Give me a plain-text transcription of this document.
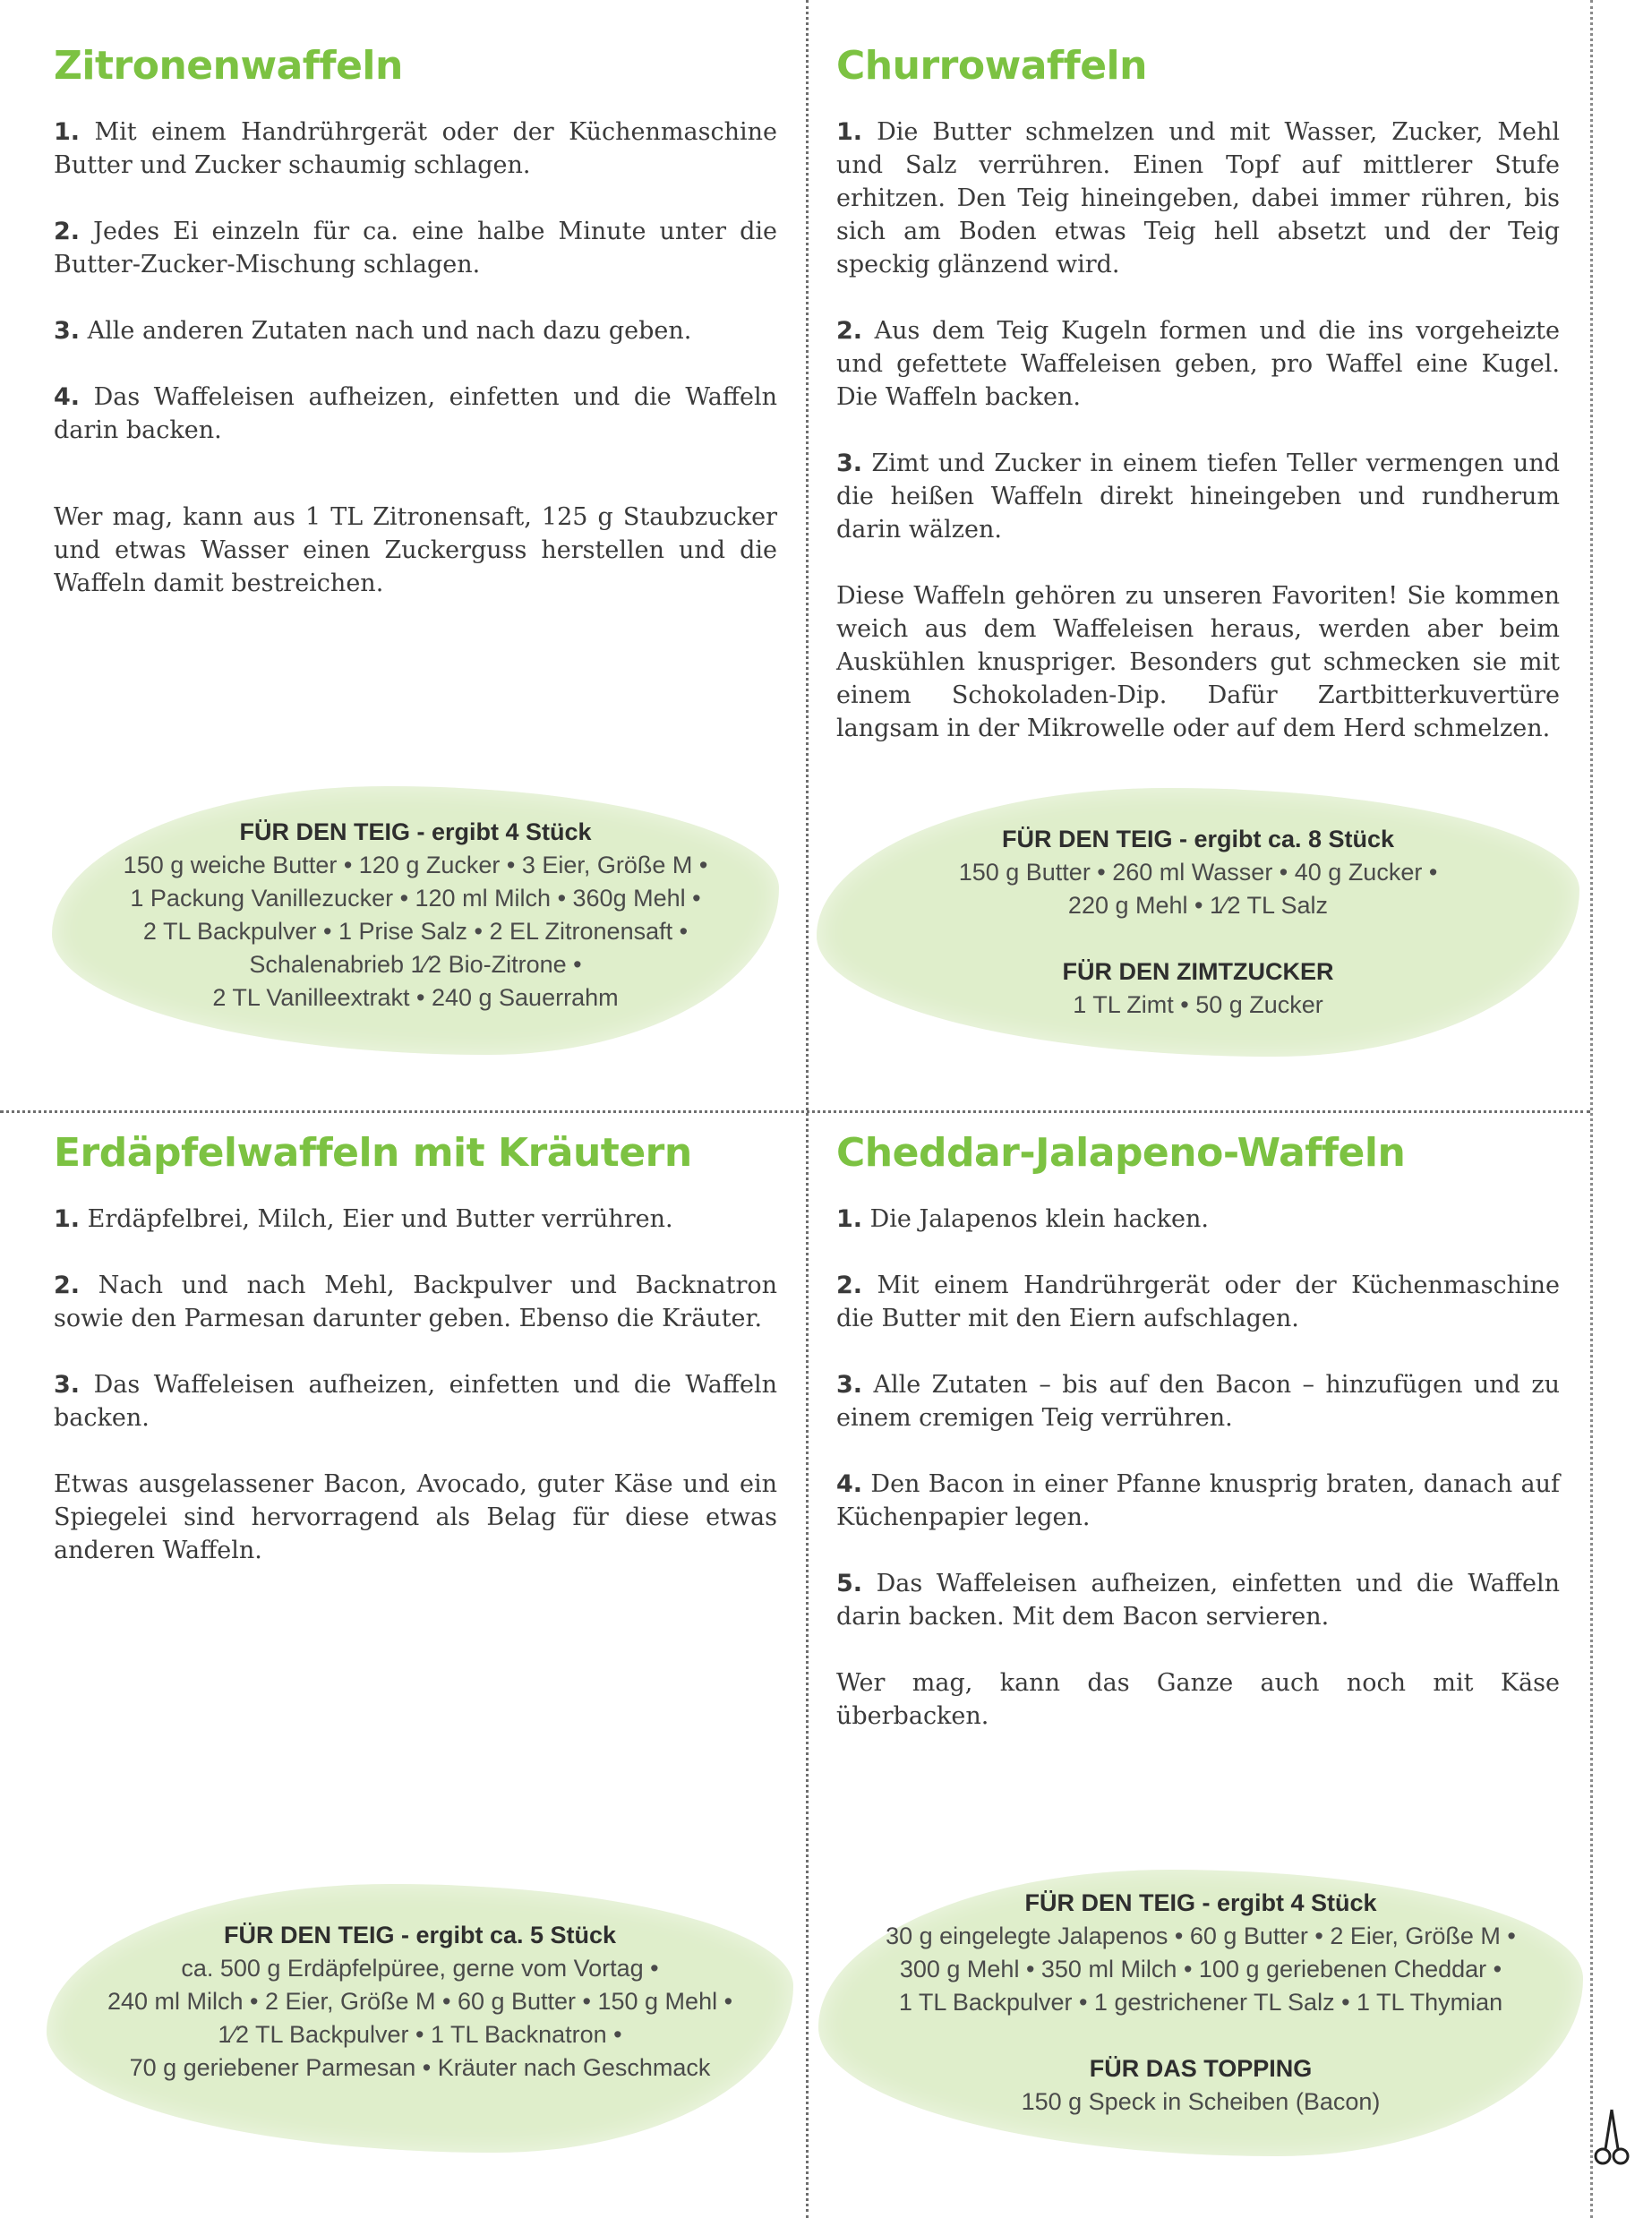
Zitronenwaffeln

1. Mit einem Handrührgerät oder der Küchenmaschine Butter und Zucker schaumig schlagen.

2. Jedes Ei einzeln für ca. eine halbe Minute unter die Butter-Zucker-Mischung schlagen.

3. Alle anderen Zutaten nach und nach dazu geben.

4. Das Waffeleisen aufheizen, einfetten und die Waffeln darin backen.

Wer mag, kann aus 1 TL Zitronensaft, 125 g Staubzucker und etwas Wasser einen Zuckerguss herstellen und die Waffeln damit bestreichen.

FÜR DEN TEIG - ergibt 4 Stück
150 g weiche Butter • 120 g Zucker • 3 Eier, Größe M •
1 Packung Vanillezucker • 120 ml Milch • 360g Mehl •
2 TL Backpulver • 1 Prise Salz • 2 EL Zitronensaft •
Schalenabrieb 1⁄2 Bio-Zitrone •
2 TL Vanilleextrakt • 240 g Sauerrahm
Churrowaffeln

1. Die Butter schmelzen und mit Wasser, Zucker, Mehl und Salz verrühren. Einen Topf auf mittlerer Stufe erhitzen. Den Teig hineingeben, dabei immer rühren, bis sich am Boden etwas Teig hell absetzt und der Teig speckig glänzend wird.

2. Aus dem Teig Kugeln formen und die ins vorgeheizte und gefettete Waffeleisen geben, pro Waffel eine Kugel. Die Waffeln backen.

3. Zimt und Zucker in einem tiefen Teller vermengen und die heißen Waffeln direkt hineingeben und rundherum darin wälzen.

Diese Waffeln gehören zu unseren Favoriten! Sie kommen weich aus dem Waffeleisen heraus, werden aber beim Auskühlen knuspriger. Besonders gut schmecken sie mit einem Schokoladen-Dip. Dafür Zartbitterkuvertüre langsam in der Mikrowelle oder auf dem Herd schmelzen.

FÜR DEN TEIG - ergibt ca. 8 Stück
150 g Butter • 260 ml Wasser • 40 g Zucker •
220 g Mehl • 1⁄2 TL Salz
FÜR DEN ZIMTZUCKER
1 TL Zimt • 50 g Zucker
Erdäpfelwaffeln mit Kräutern

1. Erdäpfelbrei, Milch, Eier und Butter verrühren.

2. Nach und nach Mehl, Backpulver und Backnatron sowie den Parmesan darunter geben. Ebenso die Kräuter.

3. Das Waffeleisen aufheizen, einfetten und die Waffeln backen.

Etwas ausgelassener Bacon, Avocado, guter Käse und ein Spiegelei sind hervorragend als Belag für diese etwas anderen Waffeln.

FÜR DEN TEIG - ergibt ca. 5 Stück
ca. 500 g Erdäpfelpüree, gerne vom Vortag •
240 ml Milch • 2 Eier, Größe M • 60 g Butter • 150 g Mehl •
1⁄2 TL Backpulver • 1 TL Backnatron •
70 g geriebener Parmesan • Kräuter nach Geschmack
Cheddar-Jalapeno-Waffeln

1. Die Jalapenos klein hacken.

2. Mit einem Handrührgerät oder der Küchenmaschine die Butter mit den Eiern aufschlagen.

3. Alle Zutaten – bis auf den Bacon – hinzufügen und zu einem cremigen Teig verrühren.

4. Den Bacon in einer Pfanne knusprig braten, danach auf Küchenpapier legen.

5. Das Waffeleisen aufheizen, einfetten und die Waffeln darin backen. Mit dem Bacon servieren.

Wer mag, kann das Ganze auch noch mit Käse überbacken.

FÜR DEN TEIG - ergibt 4 Stück
30 g eingelegte Jalapenos • 60 g Butter • 2 Eier, Größe M •
300 g Mehl • 350 ml Milch • 100 g geriebenen Cheddar •
1 TL Backpulver • 1 gestrichener TL Salz • 1 TL Thymian
FÜR DAS TOPPING
150 g Speck in Scheiben (Bacon)
